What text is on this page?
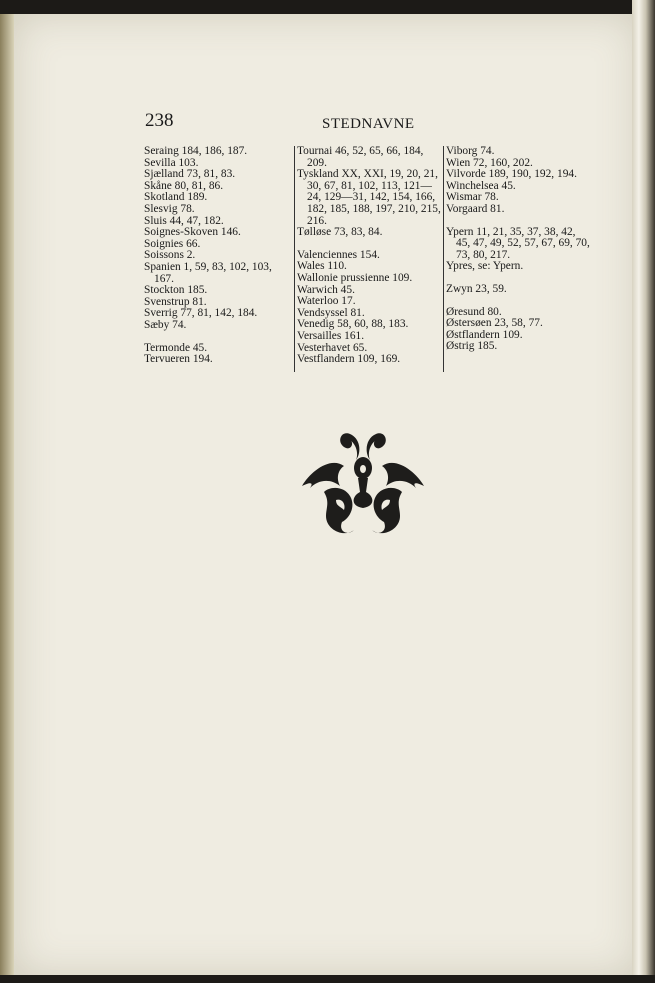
238	STEDNAVNE
Seraing 184, 186, 187.
Sevilla 103.
Sjælland 73, 81, 83.
Skåne 80, 81, 86.
Skotland 189.
Slesvig 78.
Sluis 44, 47, 182.
Soignes-Skoven 146.
Soignies 66.
Soissons 2.
Spanien 1, 59, 83, 102, 103, 167.
Stockton 185.
Svenstrup 81.
Sverrig 77, 81, 142, 184.
Sæby 74.
Termonde 45.
Tervueren 194.
Tournai 46, 52, 65, 66, 184, 209.
Tyskland XX, XXI, 19, 20, 21, 30, 67, 81, 102, 113, 121—24, 129—31, 142, 154, 166, 182, 185, 188, 197, 210, 215, 216.
Tølløse 73, 83, 84.
Valenciennes 154.
Wales 110.
Wallonie prussienne 109.
Warwich 45.
Waterloo 17.
Vendsyssel 81.
Venedig 58, 60, 88, 183.
Versailles 161.
Vesterhavet 65.
Vestflandern 109, 169.
Viborg 74.
Wien 72, 160, 202.
Vilvorde 189, 190, 192, 194.
Winchelsea 45.
Wismar 78.
Vorgaard 81.
Ypern 11, 21, 35, 37, 38, 42, 45, 47, 49, 52, 57, 67, 69, 70, 73, 80, 217.
Ypres, se: Ypern.
Zwyn 23, 59.
Øresund 80.
Østersøen 23, 58, 77.
Østflandern 109.
Østrig 185.
